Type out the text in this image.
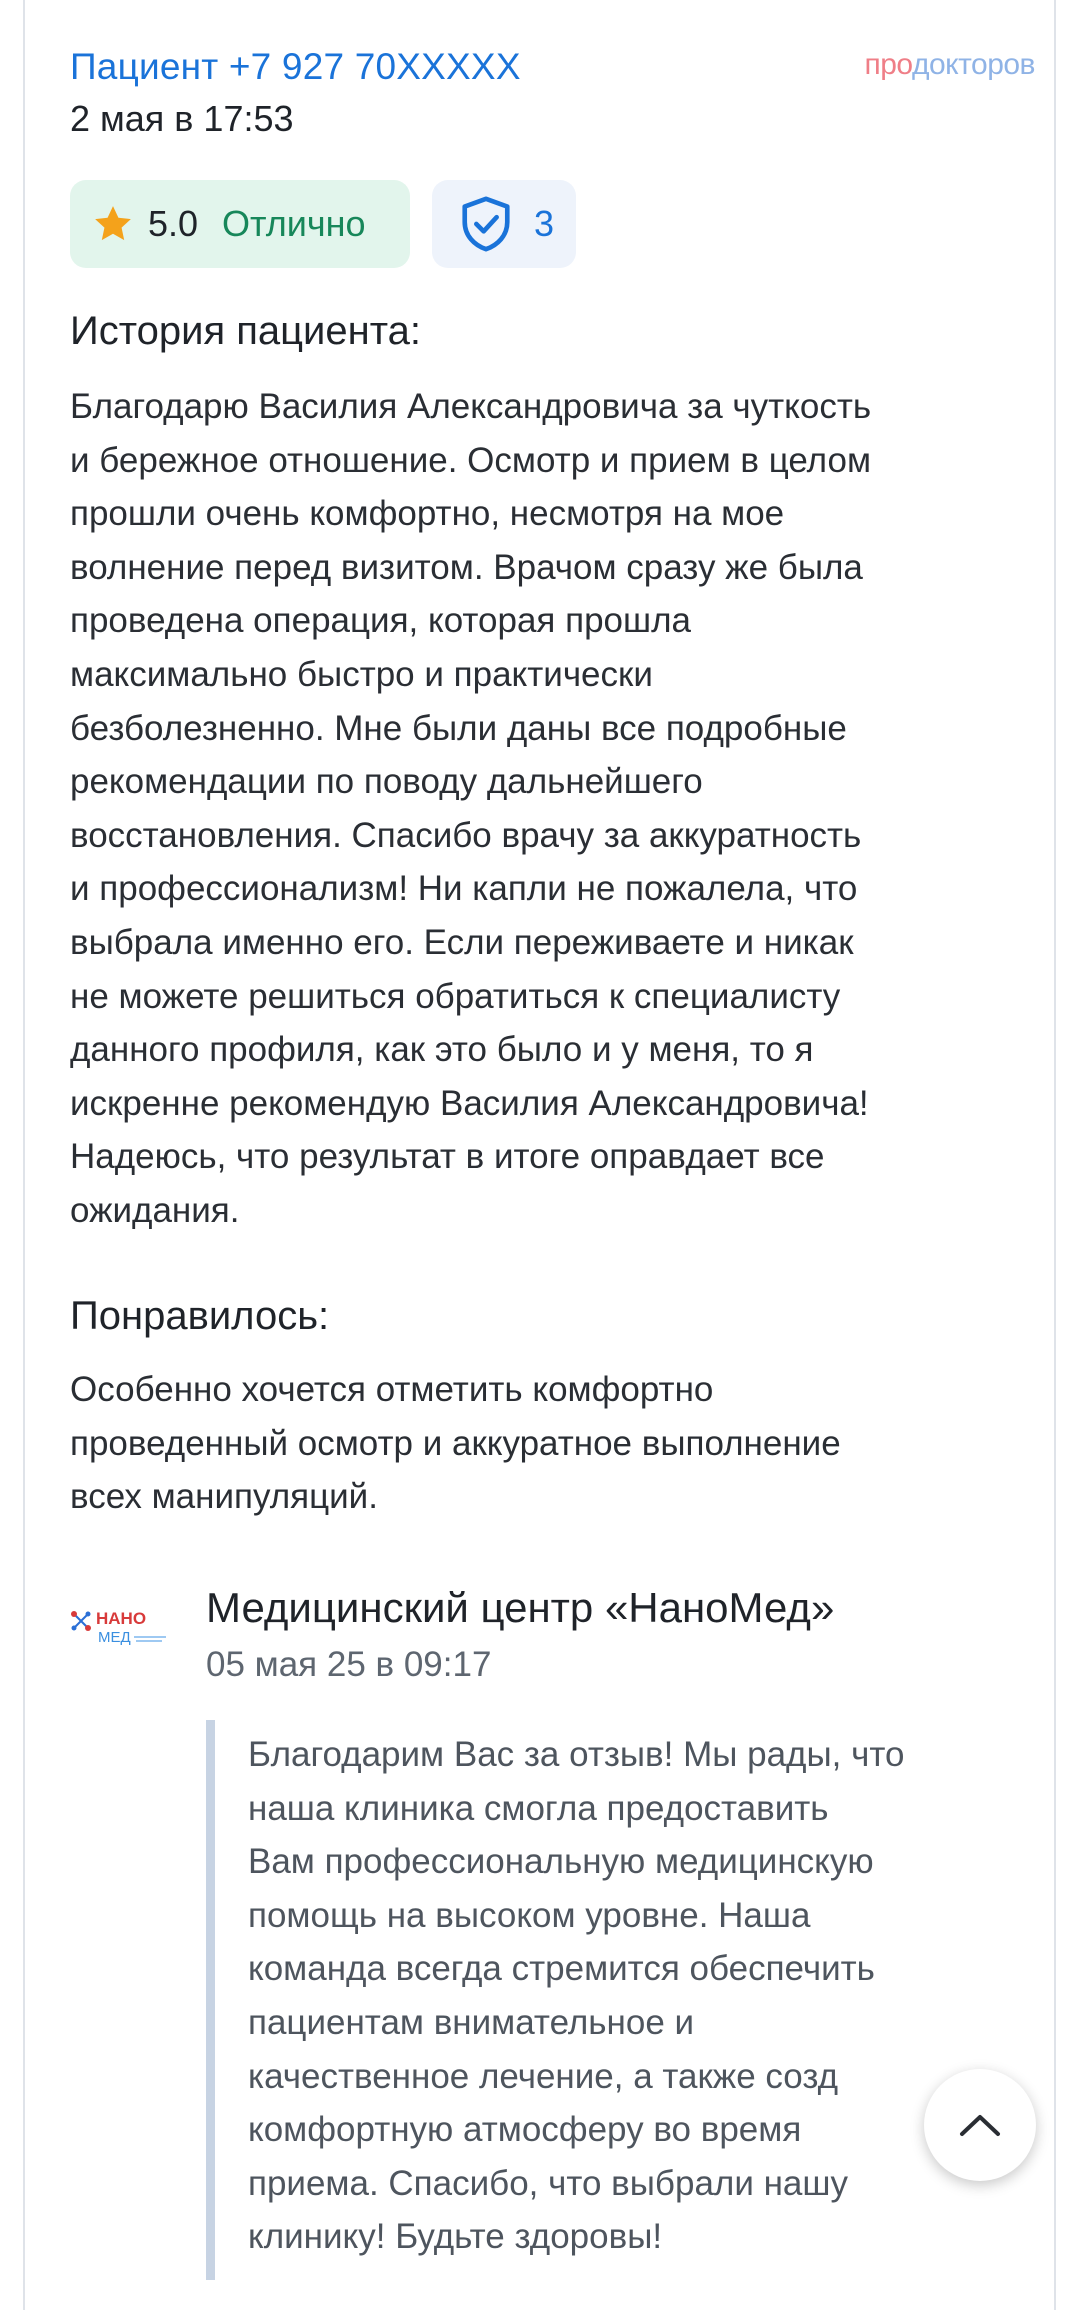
Пациент +7 927 70XXXXX
2 мая в 17:53
продокторов
5.0 Отлично	3
История пациента:
Благодарю Василия Александровича за чуткость
и бережное отношение. Осмотр и прием в целом
прошли очень комфортно, несмотря на мое
волнение перед визитом. Врачом сразу же была
проведена операция, которая прошла
максимально быстро и практически
безболезненно. Мне были даны все подробные
рекомендации по поводу дальнейшего
восстановления. Спасибо врачу за аккуратность
и профессионализм! Ни капли не пожалела, что
выбрала именно его. Если переживаете и никак
не можете решиться обратиться к специалисту
данного профиля, как это было и у меня, то я
искренне рекомендую Василия Александровича!
Надеюсь, что результат в итоге оправдает все
ожидания.
Понравилось:
Особенно хочется отметить комфортно
проведенный осмотр и аккуратное выполнение
всех манипуляций.
НАНО
МЕД
Медицинский центр «НаноМед»
05 мая 25 в 09:17
Благодарим Вас за отзыв! Мы рады, что
наша клиника смогла предоставить
Вам профессиональную медицинскую
помощь на высоком уровне. Наша
команда всегда стремится обеспечить
пациентам внимательное и
качественное лечение, а также созд
комфортную атмосферу во время
приема. Спасибо, что выбрали нашу
клинику! Будьте здоровы!
